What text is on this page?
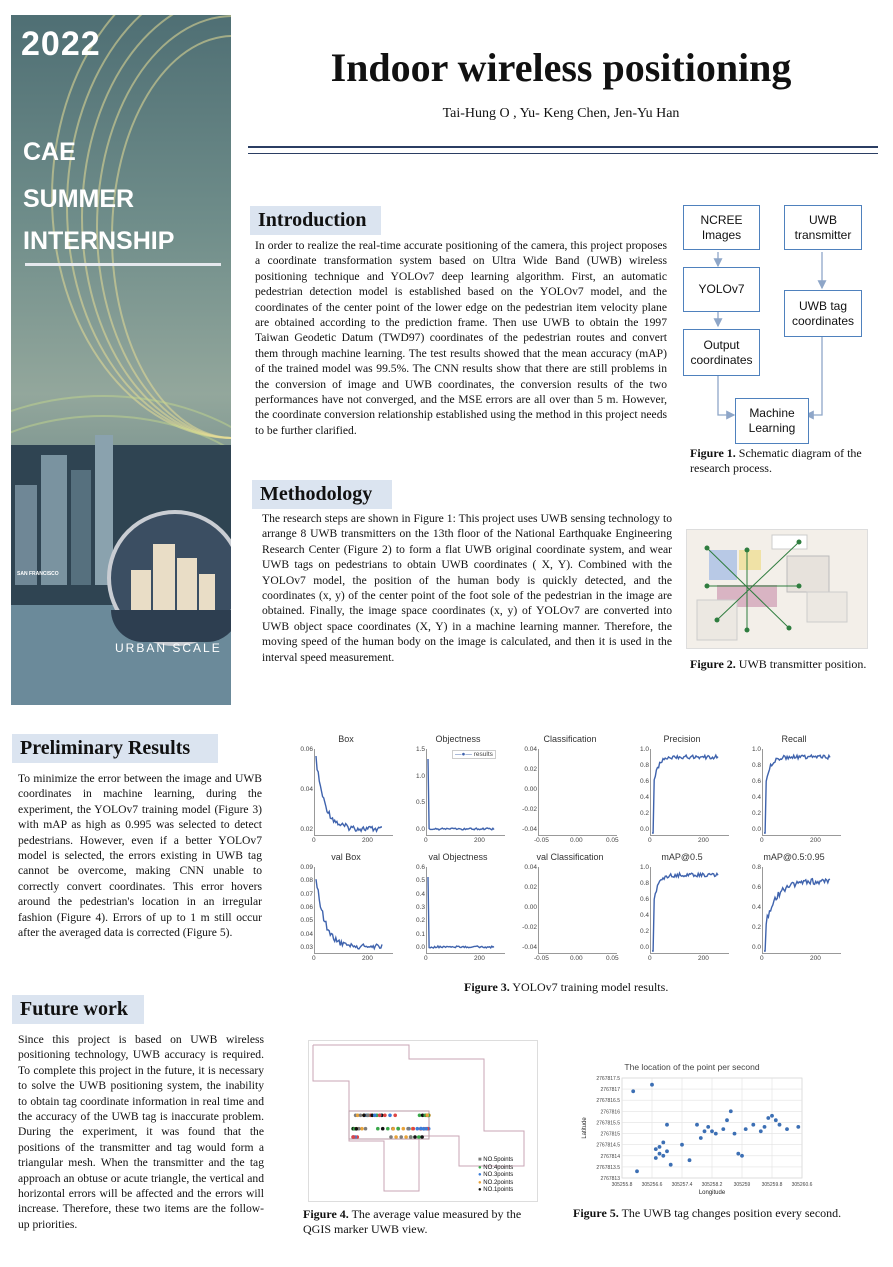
SAN FRANCISCO
2022
CAE
SUMMER
INTERNSHIP
URBAN SCALE
Indoor wireless positioning
Tai-Hung O , Yu- Keng Chen, Jen-Yu Han
Introduction
In order to realize the real-time accurate positioning of the camera, this project proposes a coordinate transformation system based on Ultra Wide Band (UWB) wireless positioning technique and YOLOv7 deep learning algorithm. First, an automatic pedestrian detection model is established based on the YOLOv7 model, and the coordinates of the center point of the lower edge on the pedestrian item velocity plane are obtained according to the prediction frame. Then use UWB to obtain the 1997 Taiwan Geodetic Datum (TWD97) coordinates of the pedestrian routes and convert them through machine learning. The test results showed that the mean accuracy (mAP) of the trained model was 99.5%. The CNN results show that there are still problems in the conversion of image and UWB coordinates, the conversion results of the two performances have not converged, and the MSE errors are all over than 5 m. However, the coordinate conversion relationship established using the method in this project needs to be further clarified.
NCREE Images
UWB transmitter
YOLOv7
UWB tag coordinates
Output coordinates
Machine Learning
Figure 1. Schematic diagram of the research process.
Methodology
The research steps are shown in Figure 1: This project uses UWB sensing technology to arrange 8 UWB transmitters on the 13th floor of the National Earthquake Engineering Research Center (Figure 2) to form a flat UWB original coordinate system, and wear UWB tags on pedestrians to obtain UWB coordinates ( X, Y). Combined with the YOLOv7 model, the position of the human body is quickly detected, and the coordinates (x, y) of the center point of the foot sole of the pedestrian in the image are obtained. Finally, the image space coordinates (x, y) of YOLOv7 are converted into UWB object space coordinates (X, Y) in a machine learning manner. Therefore, the moving speed of the human body on the image is calculated, and then it is used in the interval speed measurement.	Figure 2. UWB transmitter position.
Preliminary Results
To minimize the error between the image and UWB coordinates in machine learning, during the experiment, the YOLOv7 training model (Figure 3) with mAP as high as 0.995 was selected to detect pedestrians. However, even if a better YOLOv7 model is selected, the errors existing in UWB tag cannot be overcome, making CNN unable to correctly convert coordinates. This error hovers around the pedestrian's location in an irregular fashion (Figure 4). Errors of up to 1 m still occur after the averaged data is corrected (Figure 5).
Box
0.06
0.04
0.02
0	200
Objectness
1.5
1.0
0.5
0.0
0	200
—●— results
Classification
0.04
0.02
0.00
-0.02
-0.04
-0.05	0.00	0.05
Precision
1.0
0.8
0.6
0.4
0.2
0.0
0	200
Recall
1.0
0.8
0.6
0.4
0.2
0.0
0	200
val Box
0.09
0.08
0.07
0.06
0.05
0.04
0.03
0	200
val Objectness
0.6
0.5
0.4
0.3
0.2
0.1
0.0
0	200
val Classification
0.04
0.02
0.00
-0.02
-0.04
-0.05	0.00	0.05
mAP@0.5
1.0
0.8
0.6
0.4
0.2
0.0
0	200
mAP@0.5:0.95
0.8
0.6
0.4
0.2
0.0
0	200
Figure 3. YOLOv7 training model results.
Future work
Since this project is based on UWB wireless positioning technology, UWB accuracy is required. To complete this project in the future, it is necessary to solve the UWB positioning system, the inability to obtain tag coordinate information in real time and the accuracy of the UWB tag is inaccurate problem. During the experiment, it was found that the positions of the transmitter and tag would form a triangular mesh. When the transmitter and the tag approach an obtuse or acute triangle, the vertical and horizontal errors will be affected and the errors will increase. Therefore, these two items are the follow-up priorities.
■ NO.5points
● NO.4points
● NO.3points
● NO.2points
● NO.1points
Figure 4. The average value measured by the QGIS marker UWB view.
2767817.5
2767817
2767816.5
2767816
2767815.5
2767815
2767814.5
2767814
2767813.5
2767813
305255.8 305256.6 305257.4 305258.2 305259 305259.8 305260.6
The location of the point per second
Longitude
Latitude
Figure 5. The UWB tag changes position every second.
